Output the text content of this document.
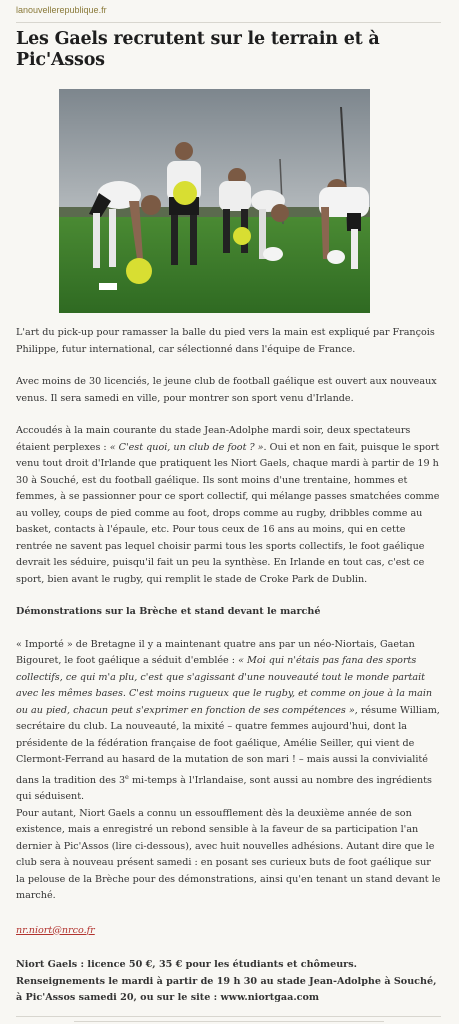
lanouvellerepublique.fr
Les Gaels recrutent sur le terrain et à Pic'Assos

L'art du pick-up pour ramasser la balle du pied vers la main est expliqué par François Philippe, futur international, car sélectionné dans l'équipe de France.

Avec moins de 30 licenciés, le jeune club de football gaélique est ouvert aux nouveaux venus. Il sera samedi en ville, pour montrer son sport venu d'Irlande.

Accoudés à la main courante du stade Jean-Adolphe mardi soir, deux spectateurs étaient perplexes : « C'est quoi, un club de foot ? ». Oui et non en fait, puisque le sport venu tout droit d'Irlande que pratiquent les Niort Gaels, chaque mardi à partir de 19 h 30 à Souché, est du football gaélique. Ils sont moins d'une trentaine, hommes et femmes, à se passionner pour ce sport collectif, qui mélange passes smatchées comme au volley, coups de pied comme au foot, drops comme au rugby, dribbles comme au basket, contacts à l'épaule, etc. Pour tous ceux de 16 ans au moins, qui en cette rentrée ne savent pas lequel choisir parmi tous les sports collectifs, le foot gaélique devrait les séduire, puisqu'il fait un peu la synthèse. En Irlande en tout cas, c'est ce sport, bien avant le rugby, qui remplit le stade de Croke Park de Dublin.

Démonstrations sur la Brèche et stand devant le marché

« Importé » de Bretagne il y a maintenant quatre ans par un néo-Niortais, Gaetan Bigouret, le foot gaélique a séduit d'emblée : « Moi qui n'étais pas fana des sports collectifs, ce qui m'a plu, c'est que s'agissant d'une nouveauté tout le monde partait avec les mêmes bases. C'est moins rugueux que le rugby, et comme on joue à la main ou au pied, chacun peut s'exprimer en fonction de ses compétences », résume William, secrétaire du club. La nouveauté, la mixité – quatre femmes aujourd'hui, dont la présidente de la fédération française de foot gaélique, Amélie Seiller, qui vient de Clermont-Ferrand au hasard de la mutation de son mari ! – mais aussi la convivialité dans la tradition des 3e mi-temps à l'Irlandaise, sont aussi au nombre des ingrédients qui séduisent.

Pour autant, Niort Gaels a connu un essoufflement dès la deuxième année de son existence, mais a enregistré un rebond sensible à la faveur de sa participation l'an dernier à Pic'Assos (lire ci-dessous), avec huit nouvelles adhésions. Autant dire que le club sera à nouveau présent samedi : en posant ses curieux buts de foot gaélique sur la pelouse de la Brèche pour des démonstrations, ainsi qu'en tenant un stand devant le marché.

nr.niort@nrco.fr

Niort Gaels : licence 50 €, 35 € pour les étudiants et chômeurs. Renseignements le mardi à partir de 19 h 30 au stade Jean-Adolphe à Souché, à Pic'Assos samedi 20, ou sur le site : www.niortgaa.com
